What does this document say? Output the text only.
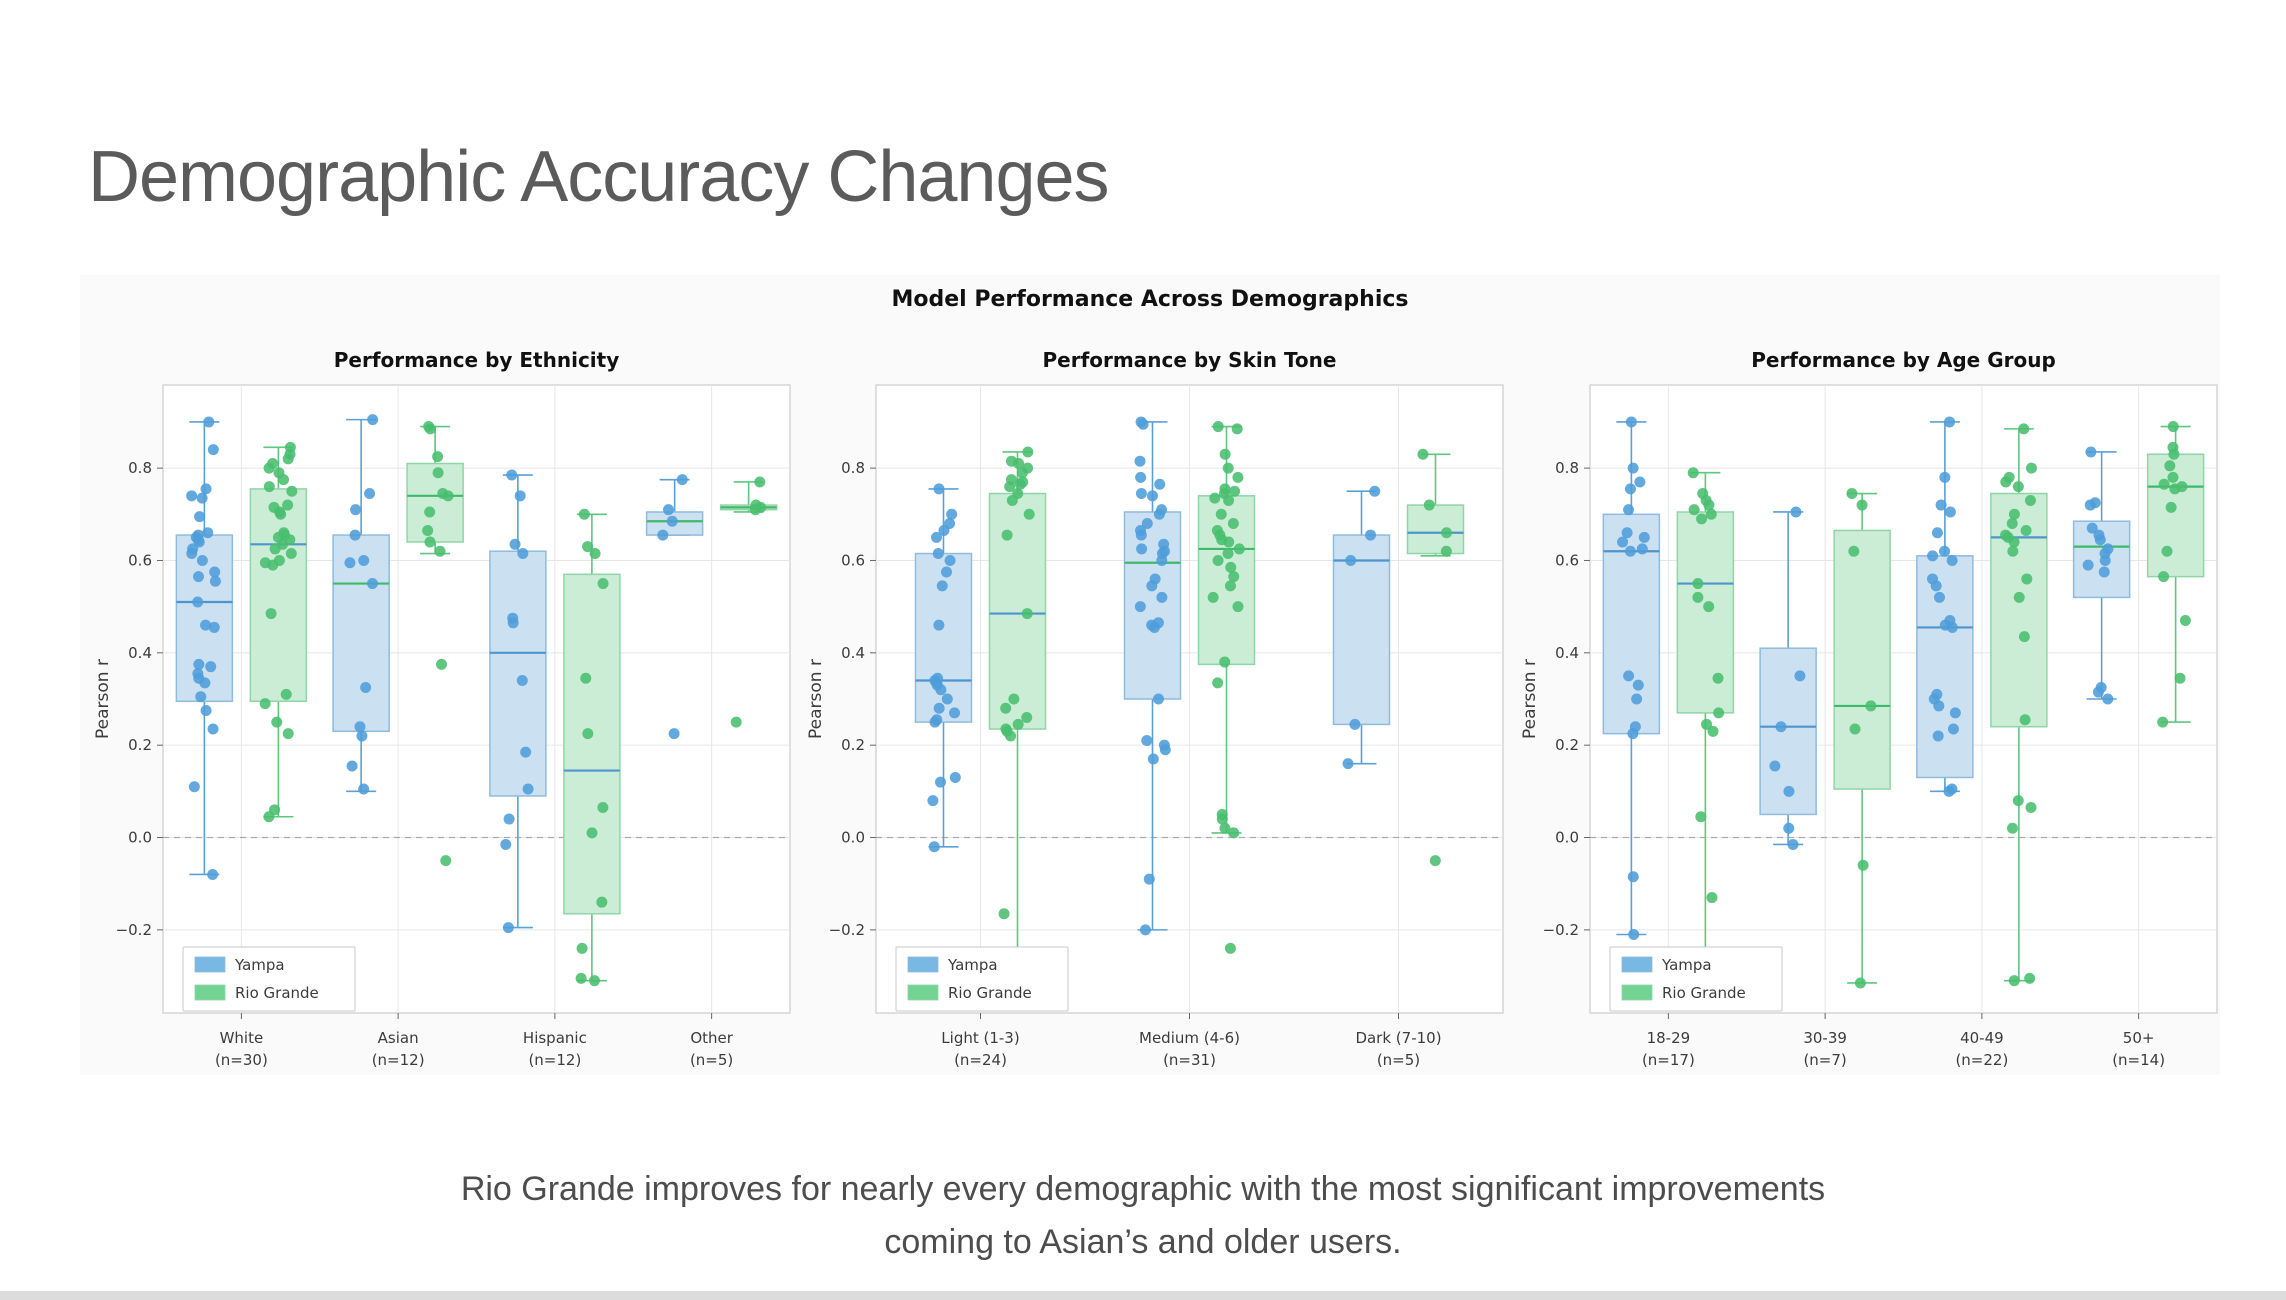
Demographic Accuracy Changes
Model Performance Across Demographics
Performance by Ethnicity
0.8
0.6
0.4
0.2
0.0
−0.2
Pearson r
White
(n=30)
Asian
(n=12)
Hispanic
(n=12)
Other
(n=5)
Yampa
Rio Grande
Performance by Skin Tone
0.8
0.6
0.4
0.2
0.0
−0.2
Pearson r
Light (1-3)
(n=24)
Medium (4-6)
(n=31)
Dark (7-10)
(n=5)
Yampa
Rio Grande
Performance by Age Group
0.8
0.6
0.4
0.2
0.0
−0.2
Pearson r
18-29
(n=17)
30-39
(n=7)
40-49
(n=22)
50+
(n=14)
Yampa
Rio Grande
Rio Grande improves for nearly every demographic with the most significant improvements
coming to Asian’s and older users.
